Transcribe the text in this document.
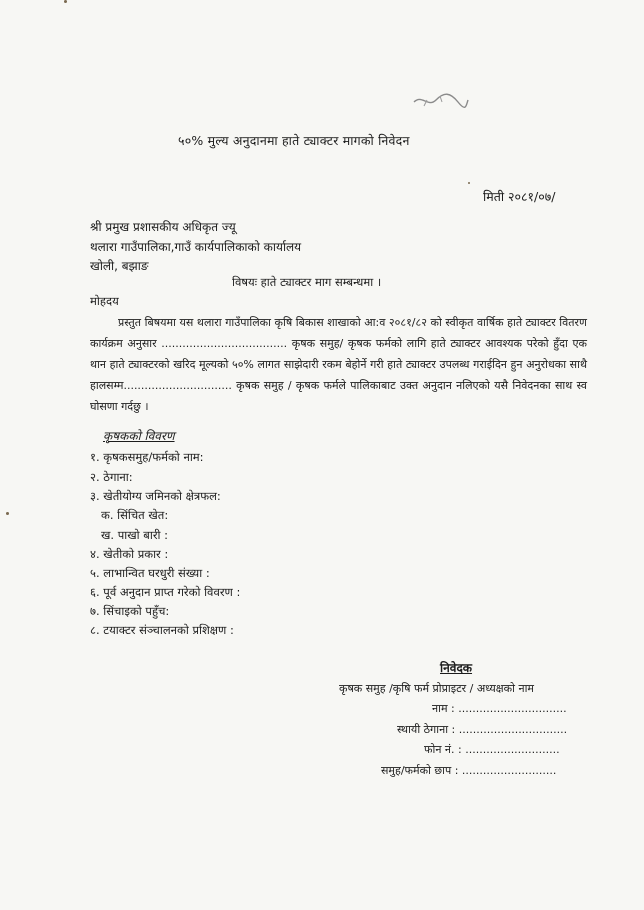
५०% मुल्य अनुदानमा हाते ट्याक्टर मागको निवेदन
मिती २०८१/०७/
श्री प्रमुख प्रशासकीय अधिकृत ज्यू
थलारा गाउँपालिका,गाउँ कार्यपालिकाको कार्यालय
खोली, बझाङ
विषयः हाते ट्याक्टर माग सम्बन्धमा ।
मोहदय
प्रस्तुत बिषयमा यस थलारा गाउँपालिका कृषि बिकास शाखाको आ:व २०८१/८२ को स्वीकृत वार्षिक हाते ट्याक्टर वितरण कार्यक्रम अनुसार .................................... कृषक समुह/ कृषक फर्मको लागि हाते ट्याक्टर आवश्यक परेको हुँदा एक थान हाते ट्याक्टरको खरिद मूल्यको ५०% लागत साझेदारी रकम बेहोर्ने गरी हाते ट्याक्टर उपलब्ध गराईदिन हुन अनुरोधका साथै हालसम्म............................... कृषक समुह / कृषक फर्मले पालिकाबाट उक्त अनुदान नलिएको यसै निवेदनका साथ स्व घोसणा गर्दछु ।
कृषकको विवरण
१. कृषकसमुह/फर्मको नाम:
२. ठेगाना:
३. खेतीयोग्य जमिनको क्षेत्रफल:
क. सिंचित खेत:
ख. पाखो बारी :
४. खेतीको प्रकार :
५. लाभान्वित घरधुरी संख्या :
६. पूर्व अनुदान प्राप्त गरेको विवरण :
७. सिंचाइको पहुँच:
८. टयाक्टर संञ्चालनको प्रशिक्षण :
निवेदक
कृषक समुह /कृषि फर्म प्रोप्राइटर / अध्यक्षको नाम
नाम : ...............................
स्थायी ठेगाना : ...............................
फोन नं. : ...........................
समुह/फर्मको छाप : ...........................
